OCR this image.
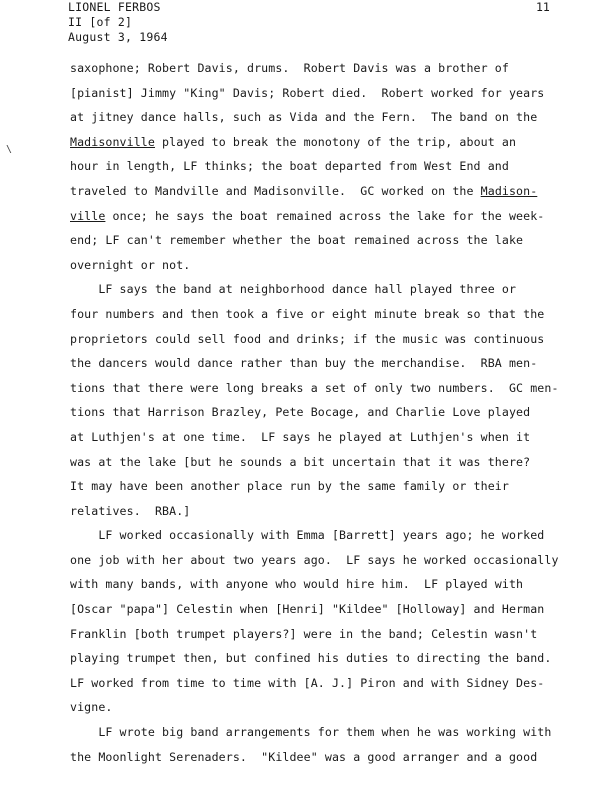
LIONEL FERBOS
II [of 2]
August 3, 1964
11
\
saxophone; Robert Davis, drums.  Robert Davis was a brother of
[pianist] Jimmy "King" Davis; Robert died.  Robert worked for years
at jitney dance halls, such as Vida and the Fern.  The band on the
Madisonville played to break the monotony of the trip, about an
hour in length, LF thinks; the boat departed from West End and
traveled to Mandville and Madisonville.  GC worked on the Madison-
ville once; he says the boat remained across the lake for the week-
end; LF can't remember whether the boat remained across the lake
overnight or not.
LF says the band at neighborhood dance hall played three or
four numbers and then took a five or eight minute break so that the
proprietors could sell food and drinks; if the music was continuous
the dancers would dance rather than buy the merchandise.  RBA men-
tions that there were long breaks a set of only two numbers.  GC men-
tions that Harrison Brazley, Pete Bocage, and Charlie Love played
at Luthjen's at one time.  LF says he played at Luthjen's when it
was at the lake [but he sounds a bit uncertain that it was there?
It may have been another place run by the same family or their
relatives.  RBA.]
LF worked occasionally with Emma [Barrett] years ago; he worked
one job with her about two years ago.  LF says he worked occasionally
with many bands, with anyone who would hire him.  LF played with
[Oscar "papa"] Celestin when [Henri] "Kildee" [Holloway] and Herman
Franklin [both trumpet players?] were in the band; Celestin wasn't
playing trumpet then, but confined his duties to directing the band.
LF worked from time to time with [A. J.] Piron and with Sidney Des-
vigne.
LF wrote big band arrangements for them when he was working with
the Moonlight Serenaders.  "Kildee" was a good arranger and a good
